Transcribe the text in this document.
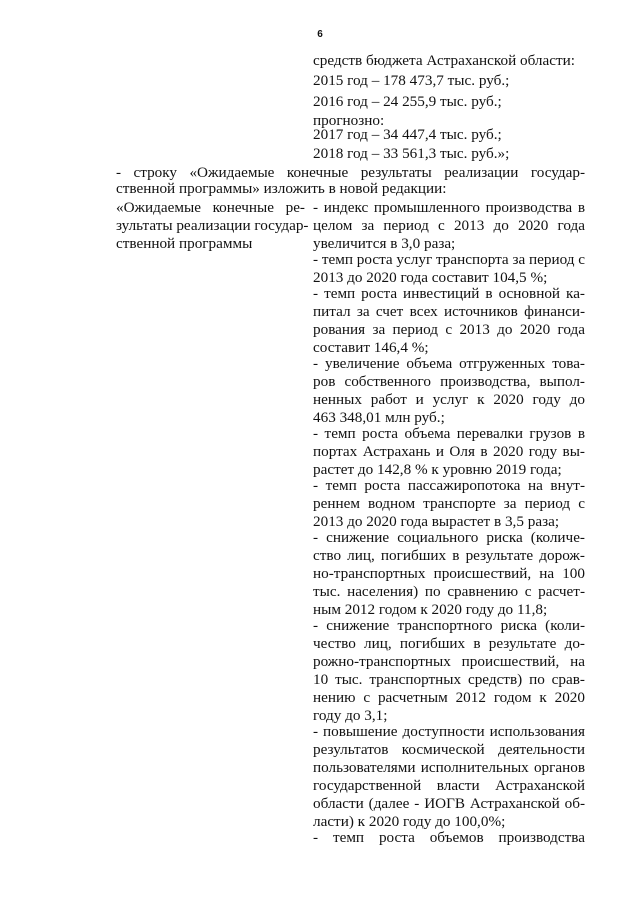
6
средств бюджета Астраханской области:
2015 год – 178 473,7 тыс. руб.;
2016 год – 24 255,9 тыс. руб.;
прогнозно:
2017 год – 34 447,4 тыс. руб.;
2018 год – 33 561,3 тыс. руб.»;
- строку «Ожидаемые конечные результаты реализации государ-
ственной программы» изложить в новой редакции:
«Ожидаемые конечные ре-
зультаты реализации государ-
ственной программы
- индекс промышленного производства в
целом за период с 2013 до 2020 года
увеличится в 3,0 раза;
- темп роста услуг транспорта за период с
2013 до 2020 года составит 104,5 %;
- темп роста инвестиций в основной ка-
питал за счет всех источников финанси-
рования за период с 2013 до 2020 года
составит 146,4 %;
- увеличение объема отгруженных това-
ров собственного производства, выпол-
ненных работ и услуг к 2020 году до
463 348,01 млн руб.;
- темп роста объема перевалки грузов в
портах Астрахань и Оля в 2020 году вы-
растет до 142,8 % к уровню 2019 года;
- темп роста пассажиропотока на внут-
реннем водном транспорте за период с
2013 до 2020 года вырастет в 3,5 раза;
- снижение социального риска (количе-
ство лиц, погибших в результате дорож-
но-транспортных происшествий, на 100
тыс. населения) по сравнению с расчет-
ным 2012 годом к 2020 году до 11,8;
- снижение транспортного риска (коли-
чество лиц, погибших в результате до-
рожно-транспортных происшествий, на
10 тыс. транспортных средств) по срав-
нению с расчетным 2012 годом к 2020
году до 3,1;
- повышение доступности использования
результатов космической деятельности
пользователями исполнительных органов
государственной власти Астраханской
области (далее - ИОГВ Астраханской об-
ласти) к 2020 году до 100,0%;
- темп роста объемов производства
